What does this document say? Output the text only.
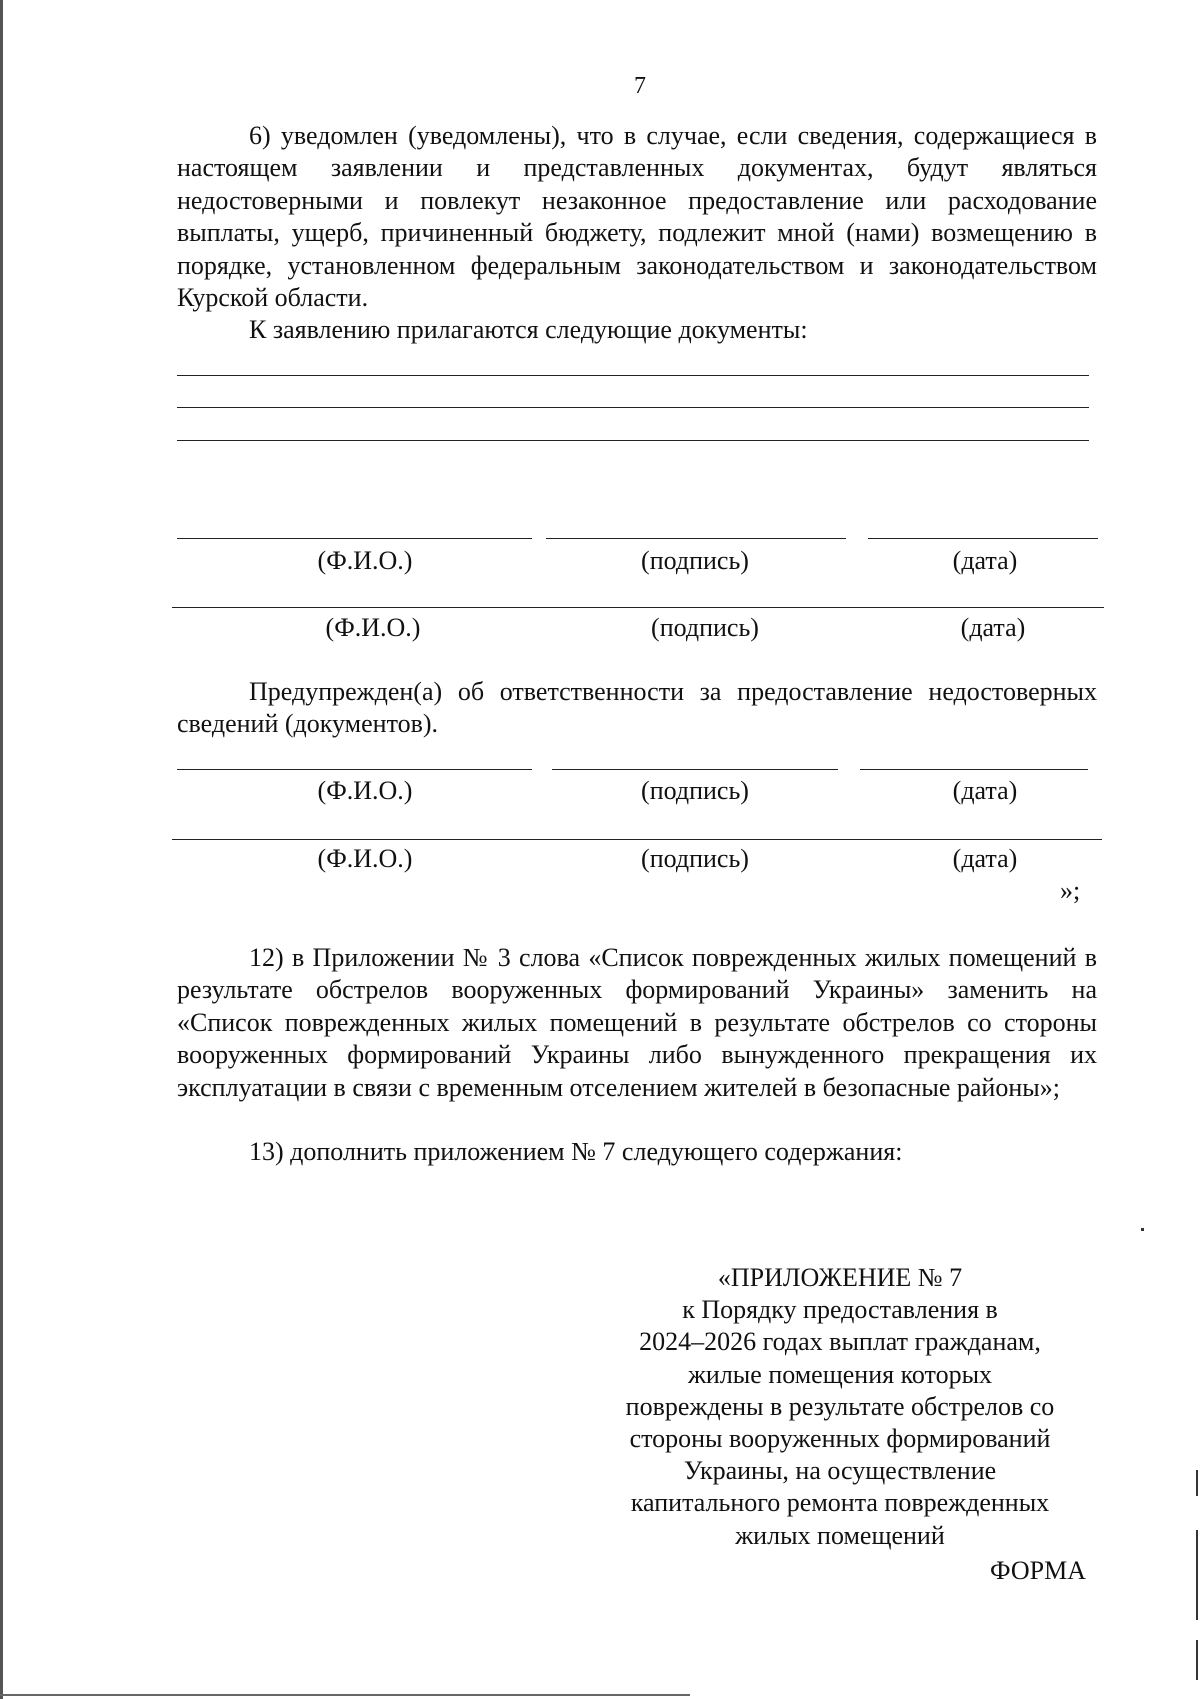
7
6) уведомлен (уведомлены), что в случае, если сведения, содержащиеся в настоящем заявлении и представленных документах, будут являться недостоверными и повлекут незаконное предоставление или расходование выплаты, ущерб, причиненный бюджету, подлежит мной (нами) возмещению в порядке, установленном федеральным законодательством и законодательством Курской области.
К заявлению прилагаются следующие документы:
(Ф.И.О.)	(подпись)	(дата)
(Ф.И.О.)	(подпись)	(дата)
Предупрежден(а) об ответственности за предоставление недостоверных сведений (документов).
(Ф.И.О.)	(подпись)	(дата)
(Ф.И.О.)	(подпись)	(дата)
»;
12) в Приложении № 3 слова «Список поврежденных жилых помещений в результате обстрелов вооруженных формирований Украины» заменить на «Список поврежденных жилых помещений в результате обстрелов со стороны вооруженных формирований Украины либо вынужденного прекращения их эксплуатации в связи с временным отселением жителей в безопасные районы»;
13) дополнить приложением № 7 следующего содержания:
«ПРИЛОЖЕНИЕ № 7
к Порядку предоставления в
2024–2026 годах выплат гражданам,
жилые помещения которых
повреждены в результате обстрелов со
стороны вооруженных формирований
Украины, на осуществление
капитального ремонта поврежденных
жилых помещений
ФОРМА
